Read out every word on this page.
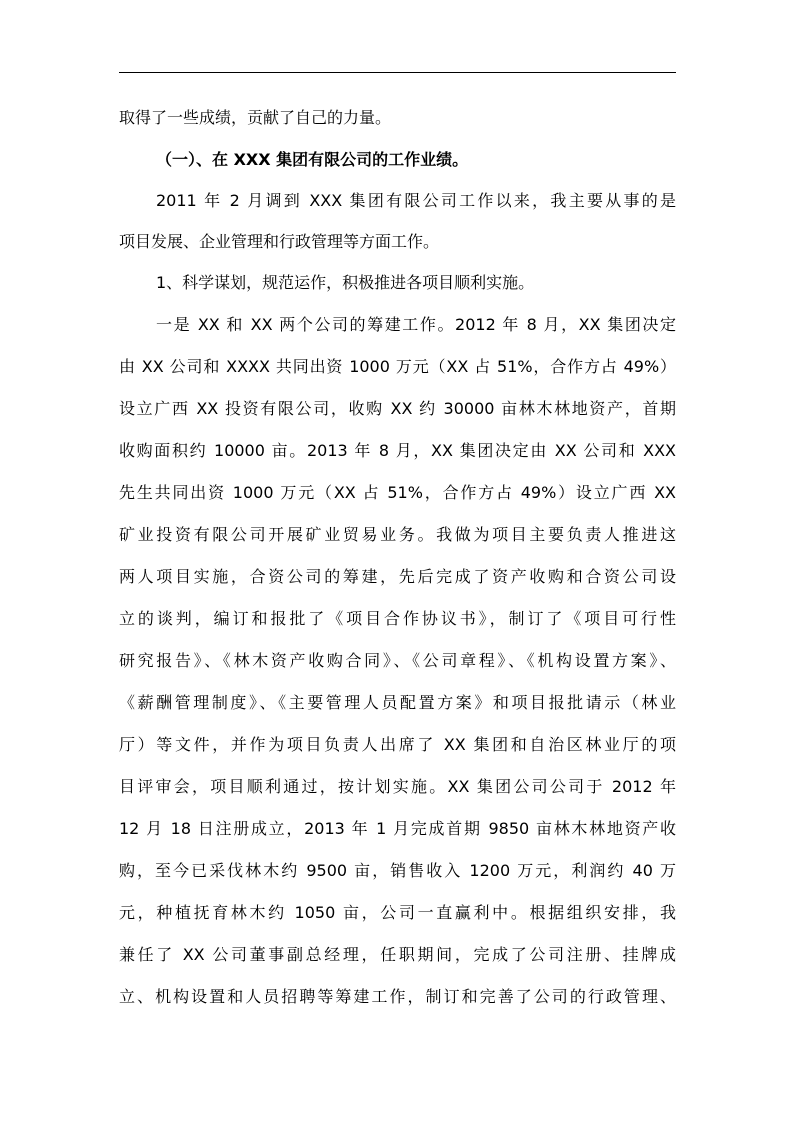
取得了一些成绩，贡献了自己的力量。
（一）、在 XXX 集团有限公司的工作业绩。
2011 年 2 月调到 XXX 集团有限公司工作以来，我主要从事的是
项目发展、企业管理和行政管理等方面工作。
1、科学谋划，规范运作，积极推进各项目顺利实施。
一是 XX 和 XX 两个公司的筹建工作。2012 年 8 月，XX 集团决定
由 XX 公司和 XXXX 共同出资 1000 万元（XX 占 51%，合作方占 49%）
设立广西 XX 投资有限公司，收购 XX 约 30000 亩林木林地资产，首期
收购面积约 10000 亩。2013 年 8 月，XX 集团决定由 XX 公司和 XXX
先生共同出资 1000 万元（XX 占 51%，合作方占 49%）设立广西 XX
矿业投资有限公司开展矿业贸易业务。我做为项目主要负责人推进这
两人项目实施，合资公司的筹建，先后完成了资产收购和合资公司设
立的谈判，编订和报批了《项目合作协议书》，制订了《项目可行性
研究报告》、《林木资产收购合同》、《公司章程》、《机构设置方案》、
《薪酬管理制度》、《主要管理人员配置方案》和项目报批请示（林业
厅）等文件，并作为项目负责人出席了 XX 集团和自治区林业厅的项
目评审会，项目顺利通过，按计划实施。XX 集团公司公司于 2012 年
12 月 18 日注册成立，2013 年 1 月完成首期 9850 亩林木林地资产收
购，至今已采伐林木约 9500 亩，销售收入 1200 万元，利润约 40 万
元，种植抚育林木约 1050 亩，公司一直赢利中。根据组织安排，我
兼任了 XX 公司董事副总经理，任职期间，完成了公司注册、挂牌成
立、机构设置和人员招聘等筹建工作，制订和完善了公司的行政管理、
